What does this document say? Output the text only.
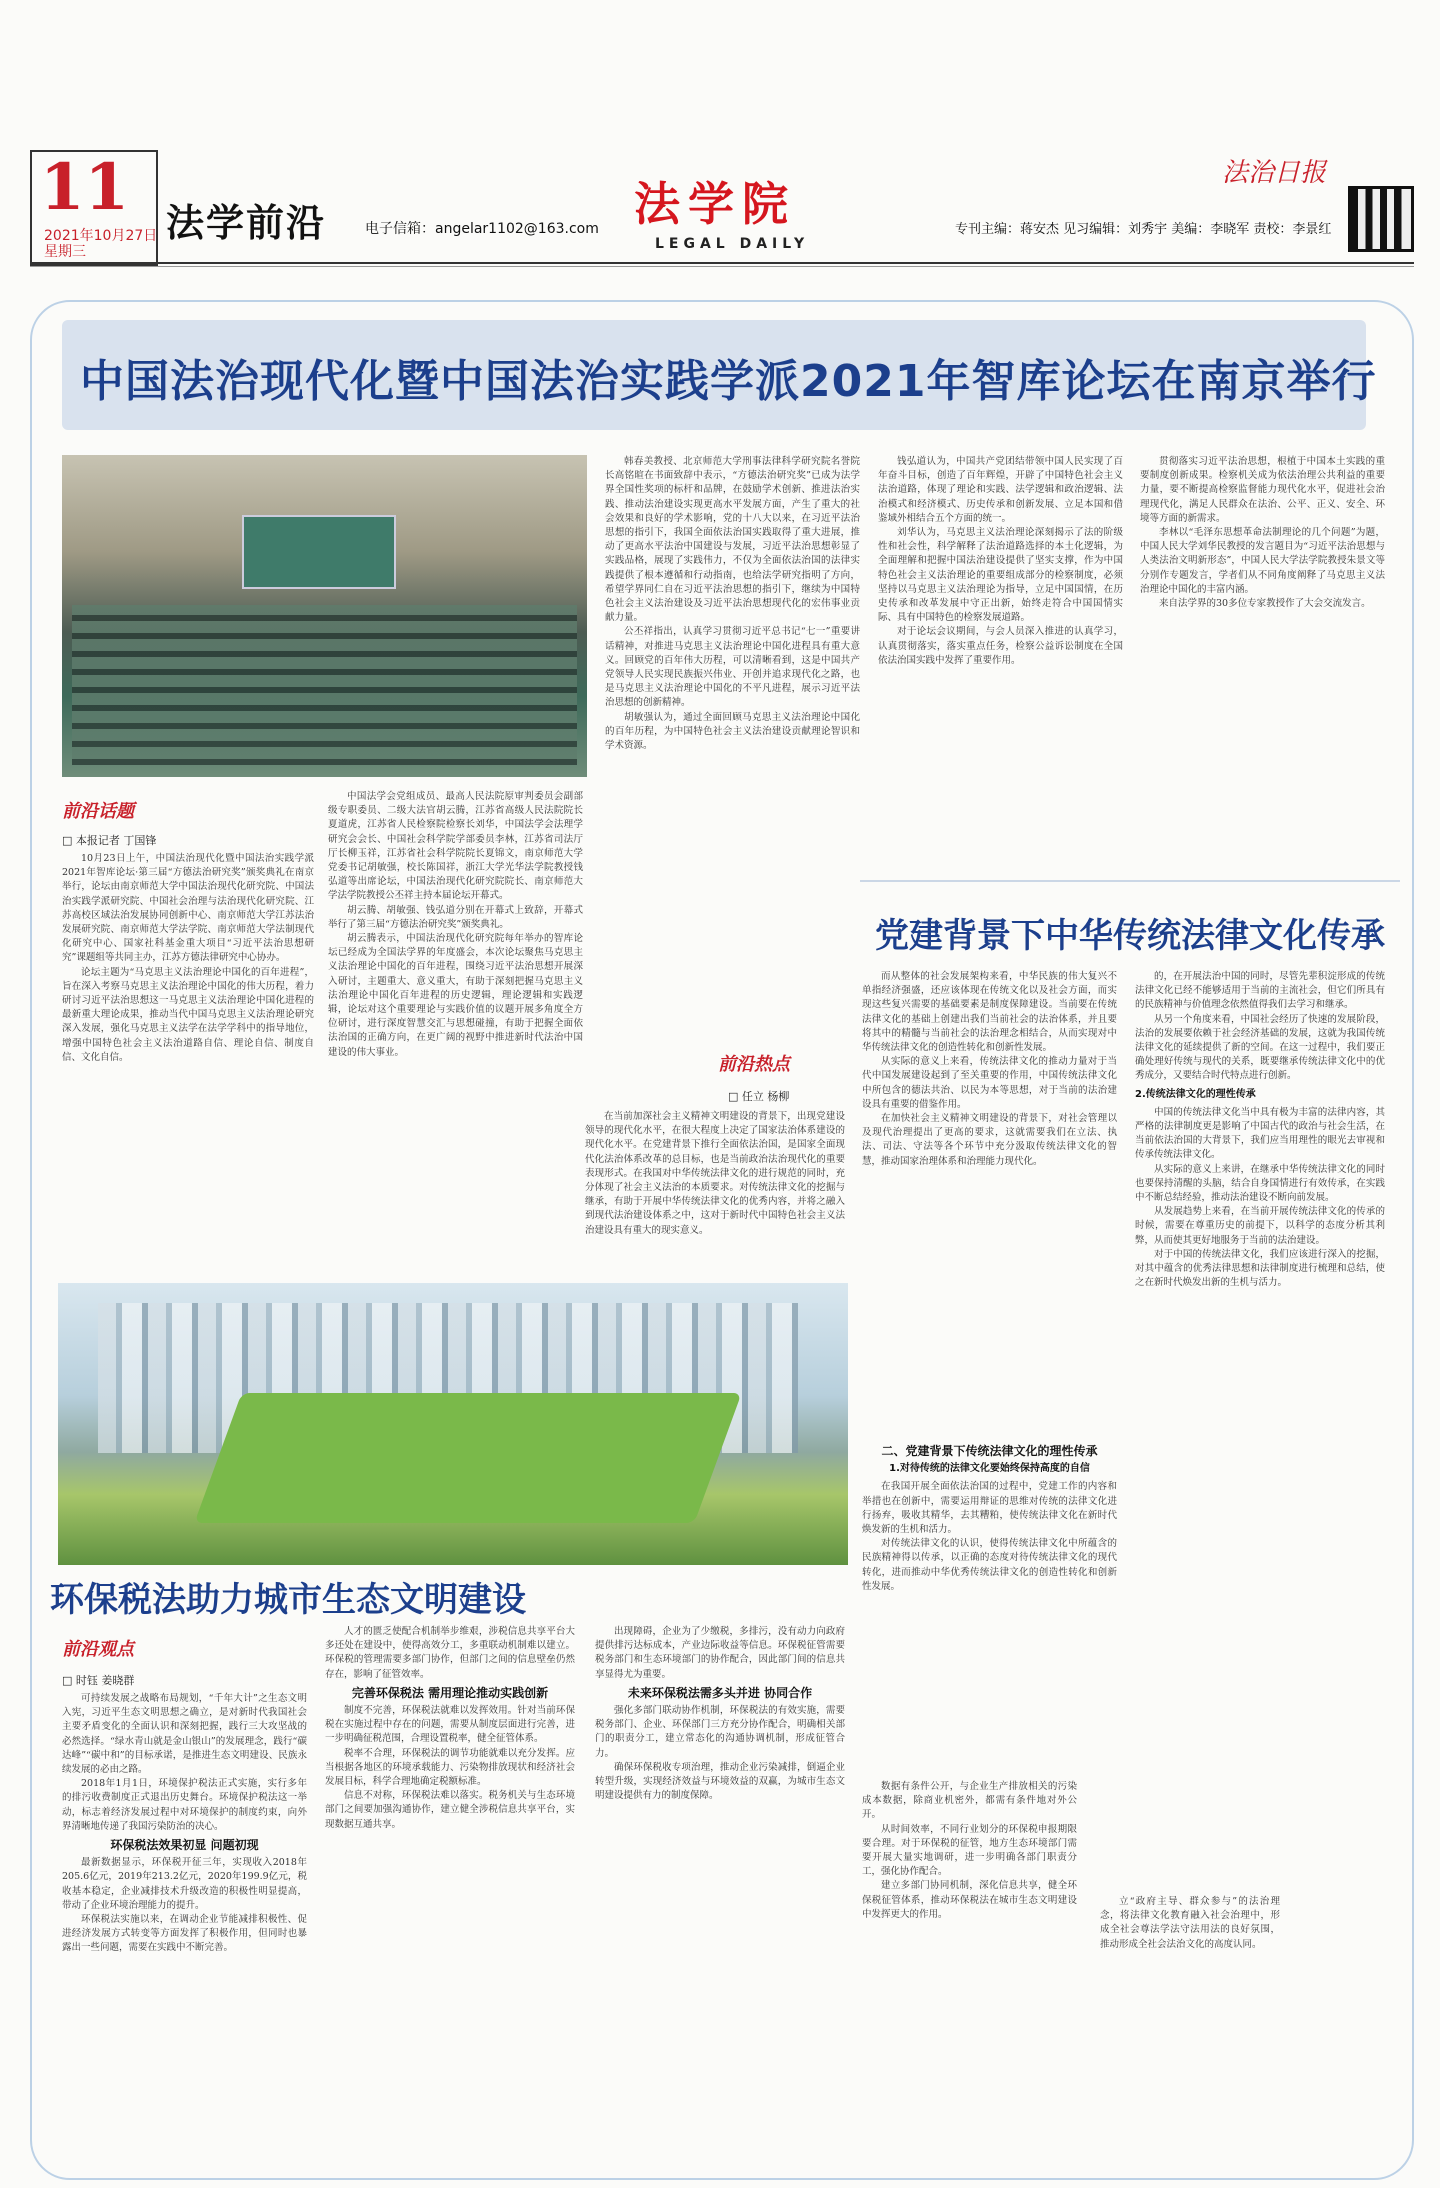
11
2021年10月27日
星期三
法学前沿	电子信箱：angelar1102@163.com 法学院
LEGAL DAILY
专刊主编：蒋安杰 见习编辑：刘秀宇 美编：李晓军 责校：李景红
法治日报
中国法治现代化暨中国法治实践学派2021年智库论坛在南京举行
前沿话题
□ 本报记者 丁国锋

10月23日上午，中国法治现代化暨中国法治实践学派2021年智库论坛·第三届“方德法治研究奖”颁奖典礼在南京举行，论坛由南京师范大学中国法治现代化研究院、中国法治实践学派研究院、中国社会治理与法治现代化研究院、江苏高校区域法治发展协同创新中心、南京师范大学江苏法治发展研究院、南京师范大学法学院、南京师范大学法制现代化研究中心、国家社科基金重大项目“习近平法治思想研究”课题组等共同主办，江苏方德法律研究中心协办。

论坛主题为“马克思主义法治理论中国化的百年进程”，旨在深入考察马克思主义法治理论中国化的伟大历程，着力研讨习近平法治思想这一马克思主义法治理论中国化进程的最新重大理论成果，推动当代中国马克思主义法治理论研究深入发展，强化马克思主义法学在法学学科中的指导地位，增强中国特色社会主义法治道路自信、理论自信、制度自信、文化自信。

中国法学会党组成员、最高人民法院原审判委员会副部级专职委员、二级大法官胡云腾，江苏省高级人民法院院长夏道虎，江苏省人民检察院检察长刘华，中国法学会法理学研究会会长、中国社会科学院学部委员李林，江苏省司法厅厅长柳玉祥，江苏省社会科学院院长夏锦文，南京师范大学党委书记胡敏强，校长陈国祥，浙江大学光华法学院教授钱弘道等出席论坛，中国法治现代化研究院院长、南京师范大学法学院教授公丕祥主持本届论坛开幕式。

胡云腾、胡敏强、钱弘道分别在开幕式上致辞，开幕式举行了第三届“方德法治研究奖”颁奖典礼。

胡云腾表示，中国法治现代化研究院每年举办的智库论坛已经成为全国法学界的年度盛会，本次论坛聚焦马克思主义法治理论中国化的百年进程，围绕习近平法治思想开展深入研讨，主题重大、意义重大，有助于深刻把握马克思主义法治理论中国化百年进程的历史逻辑，理论逻辑和实践逻辑，论坛对这个重要理论与实践价值的议题开展多角度全方位研讨，进行深度智慧交汇与思想碰撞，有助于把握全面依法治国的正确方向，在更广阔的视野中推进新时代法治中国建设的伟大事业。

韩春美教授、北京师范大学刑事法律科学研究院名誉院长高铭暄在书面致辞中表示，“方德法治研究奖”已成为法学界全国性奖项的标杆和品牌，在鼓励学术创新、推进法治实践、推动法治建设实现更高水平发展方面，产生了重大的社会效果和良好的学术影响，党的十八大以来，在习近平法治思想的指引下，我国全面依法治国实践取得了重大进展，推动了更高水平法治中国建设与发展，习近平法治思想彰显了实践品格，展现了实践伟力，不仅为全面依法治国的法律实践提供了根本遵循和行动指南，也给法学研究指明了方向，希望学界同仁自在习近平法治思想的指引下，继续为中国特色社会主义法治建设及习近平法治思想现代化的宏伟事业贡献力量。

公丕祥指出，认真学习贯彻习近平总书记“七一”重要讲话精神，对推进马克思主义法治理论中国化进程具有重大意义。回顾党的百年伟大历程，可以清晰看到，这是中国共产党领导人民实现民族振兴伟业、开创并追求现代化之路，也是马克思主义法治理论中国化的不平凡进程，展示习近平法治思想的创新精神。

胡敏强认为，通过全面回顾马克思主义法治理论中国化的百年历程，为中国特色社会主义法治建设贡献理论智识和学术资源。

钱弘道认为，中国共产党团结带领中国人民实现了百年奋斗目标，创造了百年辉煌，开辟了中国特色社会主义法治道路，体现了理论和实践、法学逻辑和政治逻辑、法治模式和经济模式、历史传承和创新发展、立足本国和借鉴域外相结合五个方面的统一。

刘华认为，马克思主义法治理论深刻揭示了法的阶级性和社会性，科学解释了法治道路选择的本土化逻辑，为全面理解和把握中国法治建设提供了坚实支撑，作为中国特色社会主义法治理论的重要组成部分的检察制度，必须坚持以马克思主义法治理论为指导，立足中国国情，在历史传承和改革发展中守正出新，始终走符合中国国情实际、具有中国特色的检察发展道路。

对于论坛会议期间，与会人员深入推进的认真学习，认真贯彻落实，落实重点任务，检察公益诉讼制度在全国依法治国实践中发挥了重要作用。

贯彻落实习近平法治思想，根植于中国本土实践的重要制度创新成果。检察机关成为依法治理公共利益的重要力量，要不断提高检察监督能力现代化水平，促进社会治理现代化，满足人民群众在法治、公平、正义、安全、环境等方面的新需求。

李林以“毛泽东思想革命法制理论的几个问题”为题，中国人民大学刘华民教授的发言题目为“习近平法治思想与人类法治文明新形态”，中国人民大学法学院教授朱景文等分别作专题发言，学者们从不同角度阐释了马克思主义法治理论中国化的丰富内涵。

来自法学界的30多位专家教授作了大会交流发言。

党建背景下中华传统法律文化传承
前沿热点
□ 任立 杨柳

在当前加深社会主义精神文明建设的背景下，出现党建设领导的现代化水平，在很大程度上决定了国家法治体系建设的现代化水平。在党建背景下推行全面依法治国，是国家全面现代化法治体系改革的总目标，也是当前政治法治现代化的重要表现形式。在我国对中华传统法律文化的进行规范的同时，充分体现了社会主义法治的本质要求。对传统法律文化的挖掘与继承，有助于开展中华传统法律文化的优秀内容，并将之融入到现代法治建设体系之中，这对于新时代中国特色社会主义法治建设具有重大的现实意义。

而从整体的社会发展架构来看，中华民族的伟大复兴不单指经济强盛，还应该体现在传统文化以及社会方面，而实现这些复兴需要的基础要素是制度保障建设。当前要在传统法律文化的基础上创建出我们当前社会的法治体系，并且要将其中的精髓与当前社会的法治理念相结合，从而实现对中华传统法律文化的创造性转化和创新性发展。

从实际的意义上来看，传统法律文化的推动力量对于当代中国发展建设起到了至关重要的作用，中国传统法律文化中所包含的德法共治、以民为本等思想，对于当前的法治建设具有重要的借鉴作用。

在加快社会主义精神文明建设的背景下，对社会管理以及现代治理提出了更高的要求，这就需要我们在立法、执法、司法、守法等各个环节中充分汲取传统法律文化的智慧，推动国家治理体系和治理能力现代化。

二、党建背景下传统法律文化的理性传承
1.对待传统的法律文化要始终保持高度的自信

在我国开展全面依法治国的过程中，党建工作的内容和举措也在创新中，需要运用辩证的思维对传统的法律文化进行扬弃，吸收其精华，去其糟粕，使传统法律文化在新时代焕发新的生机和活力。

对传统法律文化的认识，使得传统法律文化中所蕴含的民族精神得以传承，以正确的态度对待传统法律文化的现代转化，进而推动中华优秀传统法律文化的创造性转化和创新性发展。

的，在开展法治中国的同时，尽管先辈积淀形成的传统法律文化已经不能够适用于当前的主流社会，但它们所具有的民族精神与价值理念依然值得我们去学习和继承。

从另一个角度来看，中国社会经历了快速的发展阶段，法治的发展要依赖于社会经济基础的发展，这就为我国传统法律文化的延续提供了新的空间。在这一过程中，我们要正确处理好传统与现代的关系，既要继承传统法律文化中的优秀成分，又要结合时代特点进行创新。

2.传统法律文化的理性传承

中国的传统法律文化当中具有极为丰富的法律内容，其严格的法律制度更是影响了中国古代的政治与社会生活，在当前依法治国的大背景下，我们应当用理性的眼光去审视和传承传统法律文化。

从实际的意义上来讲，在继承中华传统法律文化的同时也要保持清醒的头脑，结合自身国情进行有效传承，在实践中不断总结经验，推动法治建设不断向前发展。

从发展趋势上来看，在当前开展传统法律文化的传承的时候，需要在尊重历史的前提下，以科学的态度分析其利弊，从而使其更好地服务于当前的法治建设。

对于中国的传统法律文化，我们应该进行深入的挖掘，对其中蕴含的优秀法律思想和法律制度进行梳理和总结，使之在新时代焕发出新的生机与活力。

立“政府主导、群众参与”的法治理念，将法律文化教育融入社会治理中，形成全社会尊法学法守法用法的良好氛围，推动形成全社会法治文化的高度认同。

环保税法助力城市生态文明建设
前沿观点
□ 时钰 姜晓群

可持续发展之战略布局规划，“千年大计”之生态文明入宪，习近平生态文明思想之确立，是对新时代我国社会主要矛盾变化的全面认识和深刻把握，践行三大攻坚战的必然选择。“绿水青山就是金山银山”的发展理念，践行“碳达峰”“碳中和”的目标承诺，是推进生态文明建设、民族永续发展的必由之路。

2018年1月1日，环境保护税法正式实施，实行多年的排污收费制度正式退出历史舞台。环境保护税法这一举动，标志着经济发展过程中对环境保护的制度约束，向外界清晰地传递了我国污染防治的决心。

环保税法效果初显 问题初现

最新数据显示，环保税开征三年，实现收入2018年205.6亿元，2019年213.2亿元，2020年199.9亿元，税收基本稳定，企业减排技术升级改造的积极性明显提高，带动了企业环境治理能力的提升。

环保税法实施以来，在调动企业节能减排积极性、促进经济发展方式转变等方面发挥了积极作用，但同时也暴露出一些问题，需要在实践中不断完善。

人才的匮乏使配合机制举步维艰，涉税信息共享平台大多还处在建设中，使得高效分工，多重联动机制难以建立。环保税的管理需要多部门协作，但部门之间的信息壁垒仍然存在，影响了征管效率。

完善环保税法 需用理论推动实践创新

制度不完善，环保税法就难以发挥效用。针对当前环保税在实施过程中存在的问题，需要从制度层面进行完善，进一步明确征税范围，合理设置税率，健全征管体系。

税率不合理，环保税法的调节功能就难以充分发挥。应当根据各地区的环境承载能力、污染物排放现状和经济社会发展目标，科学合理地确定税额标准。

信息不对称，环保税法难以落实。税务机关与生态环境部门之间要加强沟通协作，建立健全涉税信息共享平台，实现数据互通共享。

出现障碍，企业为了少缴税，多排污，没有动力向政府提供排污达标成本，产业边际收益等信息。环保税征管需要税务部门和生态环境部门的协作配合，因此部门间的信息共享显得尤为重要。

未来环保税法需多头并进 协同合作

强化多部门联动协作机制，环保税法的有效实施，需要税务部门、企业、环保部门三方充分协作配合，明确相关部门的职责分工，建立常态化的沟通协调机制，形成征管合力。

确保环保税收专项治理，推动企业污染减排，倒逼企业转型升级，实现经济效益与环境效益的双赢，为城市生态文明建设提供有力的制度保障。

数据有条件公开，与企业生产排放相关的污染成本数据，除商业机密外，都需有条件地对外公开。

从时间效率，不同行业划分的环保税申报期限要合理。对于环保税的征管，地方生态环境部门需要开展大量实地调研，进一步明确各部门职责分工，强化协作配合。

建立多部门协同机制，深化信息共享，健全环保税征管体系，推动环保税法在城市生态文明建设中发挥更大的作用。
